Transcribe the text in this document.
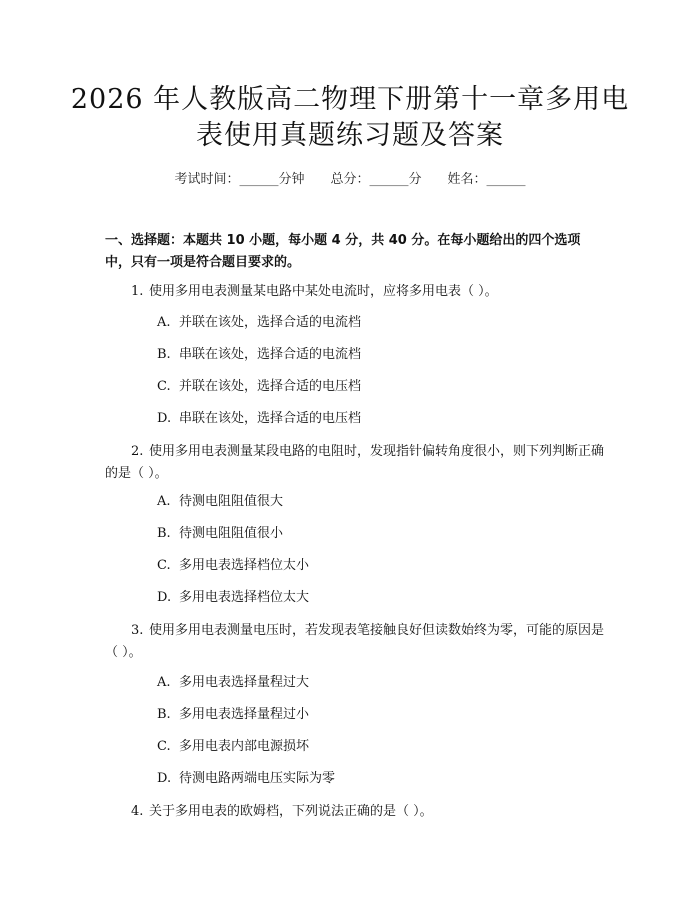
2026 年人教版高二物理下册第十一章多用电
表使用真题练习题及答案
考试时间：______分钟 总分：______分 姓名：______
一、选择题：本题共 10 小题，每小题 4 分，共 40 分。在每小题给出的四个选项中，只有一项是符合题目要求的。
1. 使用多用电表测量某电路中某处电流时，应将多用电表（ ）。
A. 并联在该处，选择合适的电流档
B. 串联在该处，选择合适的电流档
C. 并联在该处，选择合适的电压档
D. 串联在该处，选择合适的电压档
2. 使用多用电表测量某段电路的电阻时，发现指针偏转角度很小，则下列判断正确的是（ ）。
A. 待测电阻阻值很大
B. 待测电阻阻值很小
C. 多用电表选择档位太小
D. 多用电表选择档位太大
3. 使用多用电表测量电压时，若发现表笔接触良好但读数始终为零，可能的原因是（ ）。
A. 多用电表选择量程过大
B. 多用电表选择量程过小
C. 多用电表内部电源损坏
D. 待测电路两端电压实际为零
4. 关于多用电表的欧姆档，下列说法正确的是（ ）。
